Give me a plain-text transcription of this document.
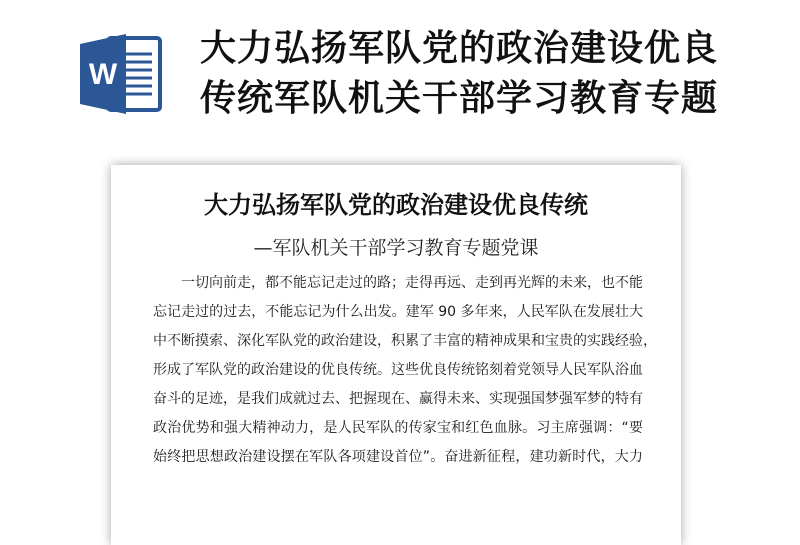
W
大力弘扬军队党的政治建设优良
传统军队机关干部学习教育专题
大力弘扬军队党的政治建设优良传统
—军队机关干部学习教育专题党课
一切向前走，都不能忘记走过的路；走得再远、走到再光辉的未来，也不能
忘记走过的过去，不能忘记为什么出发。建军 90 多年来，人民军队在发展壮大
中不断摸索、深化军队党的政治建设，积累了丰富的精神成果和宝贵的实践经验，
形成了军队党的政治建设的优良传统。这些优良传统铭刻着党领导人民军队浴血
奋斗的足迹，是我们成就过去、把握现在、赢得未来、实现强国梦强军梦的特有
政治优势和强大精神动力，是人民军队的传家宝和红色血脉。习主席强调：“要
始终把思想政治建设摆在军队各项建设首位”。奋进新征程，建功新时代，大力
